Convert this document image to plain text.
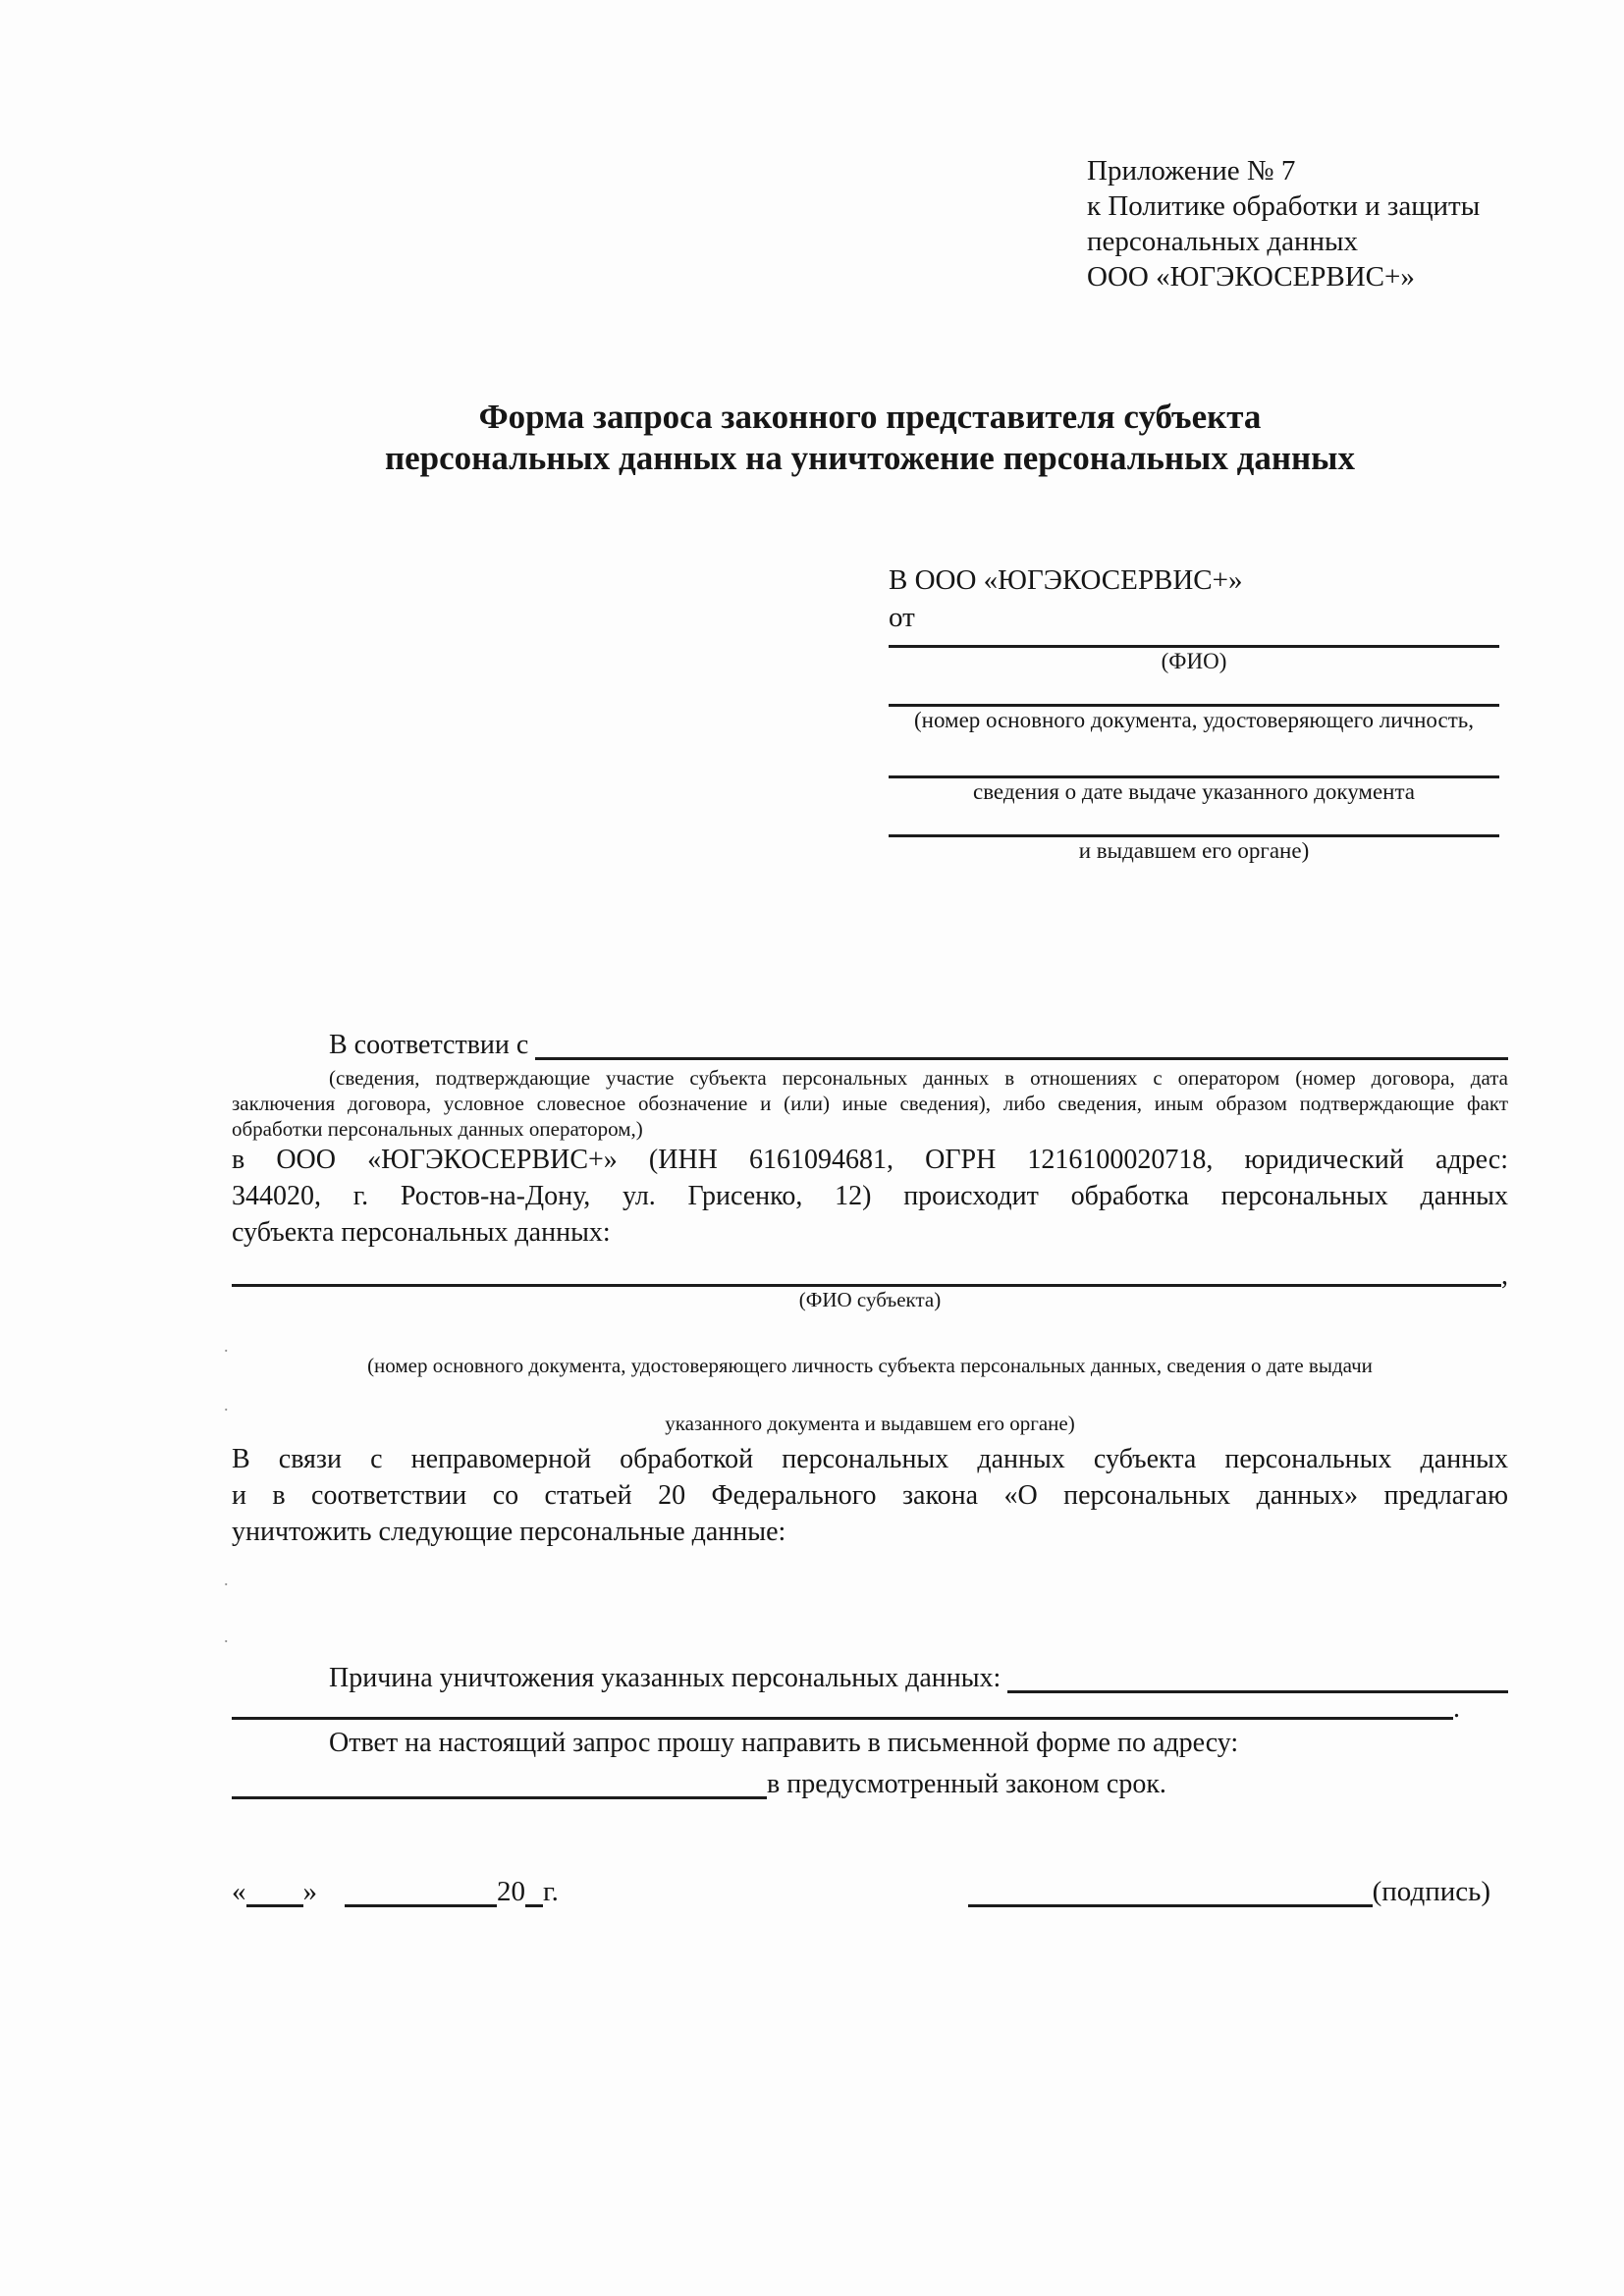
Приложение № 7
к Политике обработки и защиты
персональных данных
ООО «ЮГЭКОСЕРВИС+»
Форма запроса законного представителя субъекта
персональных данных на уничтожение персональных данных
В ООО «ЮГЭКОСЕРВИС+»
от
(ФИО)
(номер основного документа, удостоверяющего личность,
сведения о дате выдаче указанного документа
и выдавшем его органе)
В соответствии с
(сведения, подтверждающие участие субъекта персональных данных в отношениях с оператором (номер договора, дата
заключения договора, условное словесное обозначение и (или) иные сведения), либо сведения, иным образом подтверждающие факт
обработки персональных данных оператором,)
в ООО «ЮГЭКОСЕРВИС+» (ИНН 6161094681, ОГРН 1216100020718, юридический адрес:
344020, г. Ростов-на-Дону, ул. Грисенко, 12) происходит обработка персональных данных
субъекта персональных данных:
,
(ФИО субъекта)
(номер основного документа, удостоверяющего личность субъекта персональных данных, сведения о дате выдачи
указанного документа и выдавшем его органе)
В связи с неправомерной обработкой персональных данных субъекта персональных данных
и в соответствии со статьей 20 Федерального закона «О персональных данных» предлагаю
уничтожить следующие персональные данные:
Причина уничтожения указанных персональных данных:
.
Ответ на настоящий запрос прошу направить в письменной форме по адресу:
в предусмотренный законом срок.
.
.
.
.
« »	20 г.	(подпись)
